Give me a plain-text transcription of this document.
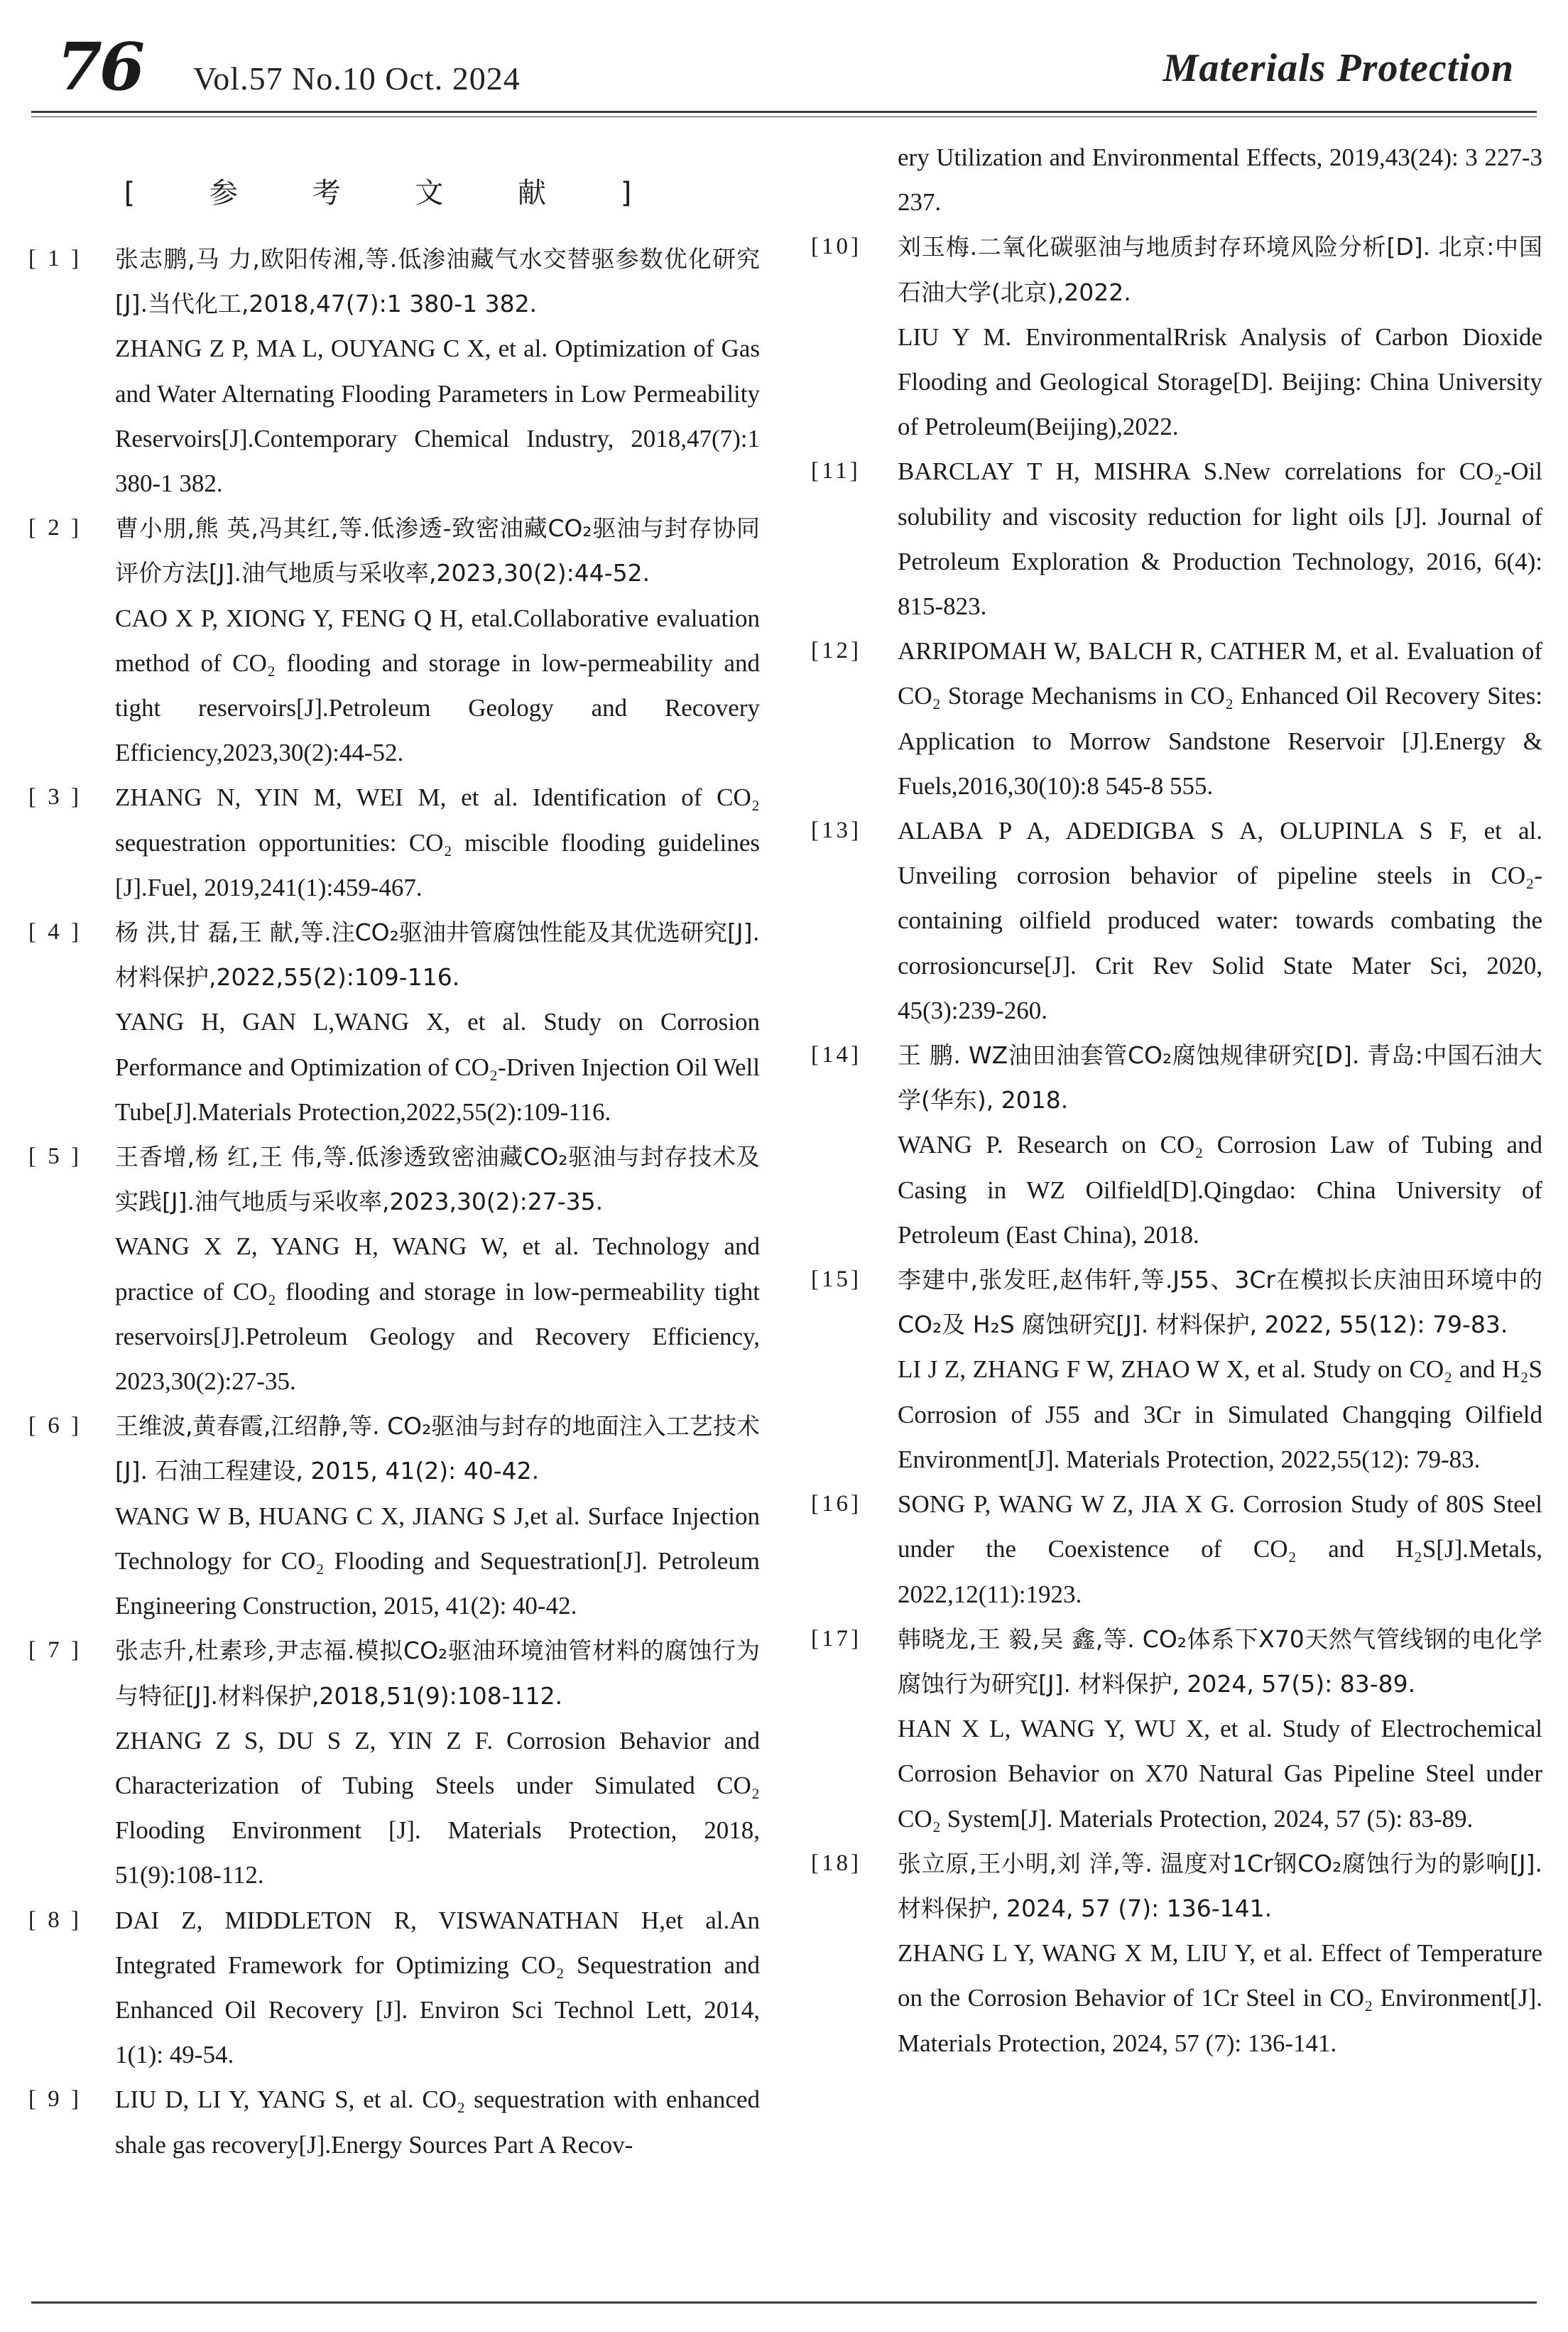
76 Vol.57 No.10 Oct. 2024	Materials Protection
[ 参 考 文 献 ]
[ 1 ] 张志鹏,马 力,欧阳传湘,等.低渗油藏气水交替驱参数优化研究[J].当代化工,2018,47(7):1 380-1 382.

ZHANG Z P, MA L, OUYANG C X, et al. Optimization of Gas and Water Alternating Flooding Parameters in Low Permeability Reservoirs[J].Contemporary Chemical Industry, 2018,47(7):1 380-1 382.

[ 2 ] 曹小朋,熊 英,冯其红,等.低渗透-致密油藏CO₂驱油与封存协同评价方法[J].油气地质与采收率,2023,30(2):44-52.

CAO X P, XIONG Y, FENG Q H, etal.Collaborative evaluation method of CO₂ flooding and storage in low-permeability and tight reservoirs[J].Petroleum Geology and Recovery Efficiency,2023,30(2):44-52.

[ 3 ] ZHANG N, YIN M, WEI M, et al. Identification of CO₂ sequestration opportunities: CO₂ miscible flooding guidelines [J].Fuel, 2019,241(1):459-467.

[ 4 ] 杨 洪,甘 磊,王 献,等.注CO₂驱油井管腐蚀性能及其优选研究[J].材料保护,2022,55(2):109-116.

YANG H, GAN L,WANG X, et al. Study on Corrosion Performance and Optimization of CO₂-Driven Injection Oil Well Tube[J].Materials Protection,2022,55(2):109-116.

[ 5 ] 王香增,杨 红,王 伟,等.低渗透致密油藏CO₂驱油与封存技术及实践[J].油气地质与采收率,2023,30(2):27-35.

WANG X Z, YANG H, WANG W, et al. Technology and practice of CO₂ flooding and storage in low-permeability tight reservoirs[J].Petroleum Geology and Recovery Efficiency, 2023,30(2):27-35.

[ 6 ] 王维波,黄春霞,江绍静,等. CO₂驱油与封存的地面注入工艺技术[J]. 石油工程建设, 2015, 41(2): 40-42.

WANG W B, HUANG C X, JIANG S J,et al. Surface Injection Technology for CO₂ Flooding and Sequestration[J]. Petroleum Engineering Construction, 2015, 41(2): 40-42.

[ 7 ] 张志升,杜素珍,尹志福.模拟CO₂驱油环境油管材料的腐蚀行为与特征[J].材料保护,2018,51(9):108-112.

ZHANG Z S, DU S Z, YIN Z F. Corrosion Behavior and Characterization of Tubing Steels under Simulated CO₂ Flooding Environment [J]. Materials Protection, 2018, 51(9):108-112.

[ 8 ] DAI Z, MIDDLETON R, VISWANATHAN H,et al.An Integrated Framework for Optimizing CO₂ Sequestration and Enhanced Oil Recovery [J]. Environ Sci Technol Lett, 2014, 1(1): 49-54.

[ 9 ] LIU D, LI Y, YANG S, et al. CO₂ sequestration with enhanced shale gas recovery[J].Energy Sources Part A Recov-

ery Utilization and Environmental Effects, 2019,43(24): 3 227-3 237.

[10] 刘玉梅.二氧化碳驱油与地质封存环境风险分析[D]. 北京:中国石油大学(北京),2022.

LIU Y M. EnvironmentalRrisk Analysis of Carbon Dioxide Flooding and Geological Storage[D]. Beijing: China University of Petroleum(Beijing),2022.

[11] BARCLAY T H, MISHRA S.New correlations for CO₂-Oil solubility and viscosity reduction for light oils [J]. Journal of Petroleum Exploration & Production Technology, 2016, 6(4): 815-823.

[12] ARRIPOMAH W, BALCH R, CATHER M, et al. Evaluation of CO₂ Storage Mechanisms in CO₂ Enhanced Oil Recovery Sites: Application to Morrow Sandstone Reservoir [J].Energy & Fuels,2016,30(10):8 545-8 555.

[13] ALABA P A, ADEDIGBA S A, OLUPINLA S F, et al. Unveiling corrosion behavior of pipeline steels in CO₂-containing oilfield produced water: towards combating the corrosioncurse[J]. Crit Rev Solid State Mater Sci, 2020, 45(3):239-260.

[14] 王 鹏. WZ油田油套管CO₂腐蚀规律研究[D]. 青岛:中国石油大学(华东), 2018.

WANG P. Research on CO₂ Corrosion Law of Tubing and Casing in WZ Oilfield[D].Qingdao: China University of Petroleum (East China), 2018.

[15] 李建中,张发旺,赵伟轩,等.J55、3Cr在模拟长庆油田环境中的 CO₂及 H₂S 腐蚀研究[J]. 材料保护, 2022, 55(12): 79-83.

LI J Z, ZHANG F W, ZHAO W X, et al. Study on CO₂ and H₂S Corrosion of J55 and 3Cr in Simulated Changqing Oilfield Environment[J]. Materials Protection, 2022,55(12): 79-83.

[16] SONG P, WANG W Z, JIA X G. Corrosion Study of 80S Steel under the Coexistence of CO₂ and H₂S[J].Metals, 2022,12(11):1923.

[17] 韩晓龙,王 毅,吴 鑫,等. CO₂体系下X70天然气管线钢的电化学腐蚀行为研究[J]. 材料保护, 2024, 57(5): 83-89.

HAN X L, WANG Y, WU X, et al. Study of Electrochemical Corrosion Behavior on X70 Natural Gas Pipeline Steel under CO₂ System[J]. Materials Protection, 2024, 57 (5): 83-89.

[18] 张立原,王小明,刘 洋,等. 温度对1Cr钢CO₂腐蚀行为的影响[J]. 材料保护, 2024, 57 (7): 136-141.

ZHANG L Y, WANG X M, LIU Y, et al. Effect of Temperature on the Corrosion Behavior of 1Cr Steel in CO₂ Environment[J]. Materials Protection, 2024, 57 (7): 136-141.
